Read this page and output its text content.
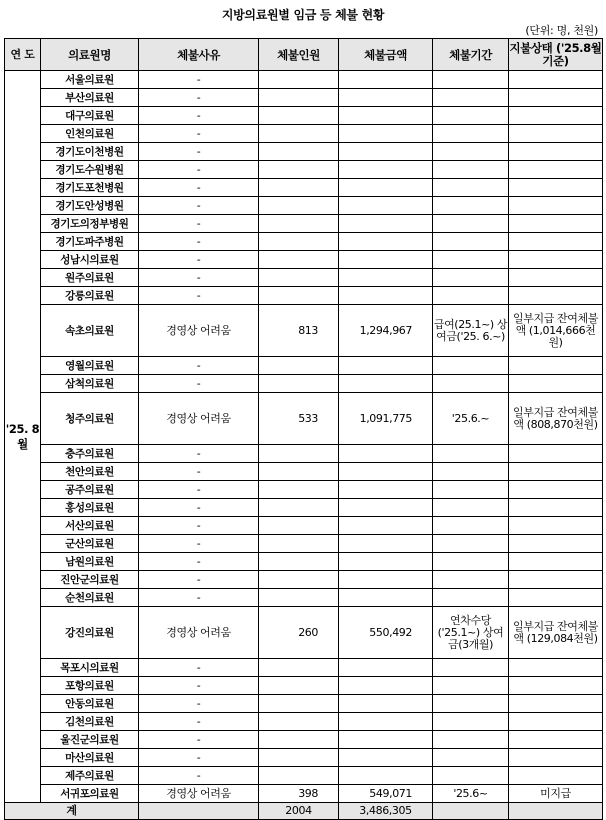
지방의료원별 임금 등 체불 현황
(단위: 명, 천원)
연 도	의료원명	체불사유	체불인원	체불금액	체불기간	지불상태 ('25.8월기준)
'25. 8월	서울의료원	-				
	부산의료원	-				
	대구의료원	-				
	인천의료원	-				
	경기도이천병원	-				
	경기도수원병원	-				
	경기도포천병원	-				
	경기도안성병원	-				
	경기도의정부병원	-				
	경기도파주병원	-				
	성남시의료원	-				
	원주의료원	-				
	강릉의료원	-				
	속초의료원	경영상 어려움	813	1,294,967	급여(25.1~) 상여금('25. 6.~)	일부지급 잔여체불액 (1,014,666천원)
	영월의료원	-				
	삼척의료원	-				
	청주의료원	경영상 어려움	533	1,091,775	'25.6.~	일부지급 잔여체불액 (808,870천원)
	충주의료원	-				
	천안의료원	-				
	공주의료원	-				
	홍성의료원	-				
	서산의료원	-				
	군산의료원	-				
	남원의료원	-				
	진안군의료원	-				
	순천의료원	-				
	강진의료원	경영상 어려움	260	550,492	연차수당 ('25.1~) 상여금(3개월)	일부지급 잔여체불액 (129,084천원)
	목포시의료원	-				
	포항의료원	-				
	안동의료원	-				
	김천의료원	-				
	울진군의료원	-				
	마산의료원	-				
	제주의료원	-				
	서귀포의료원	경영상 어려움	398	549,071	'25.6~	미지급
계			2004	3,486,305		
